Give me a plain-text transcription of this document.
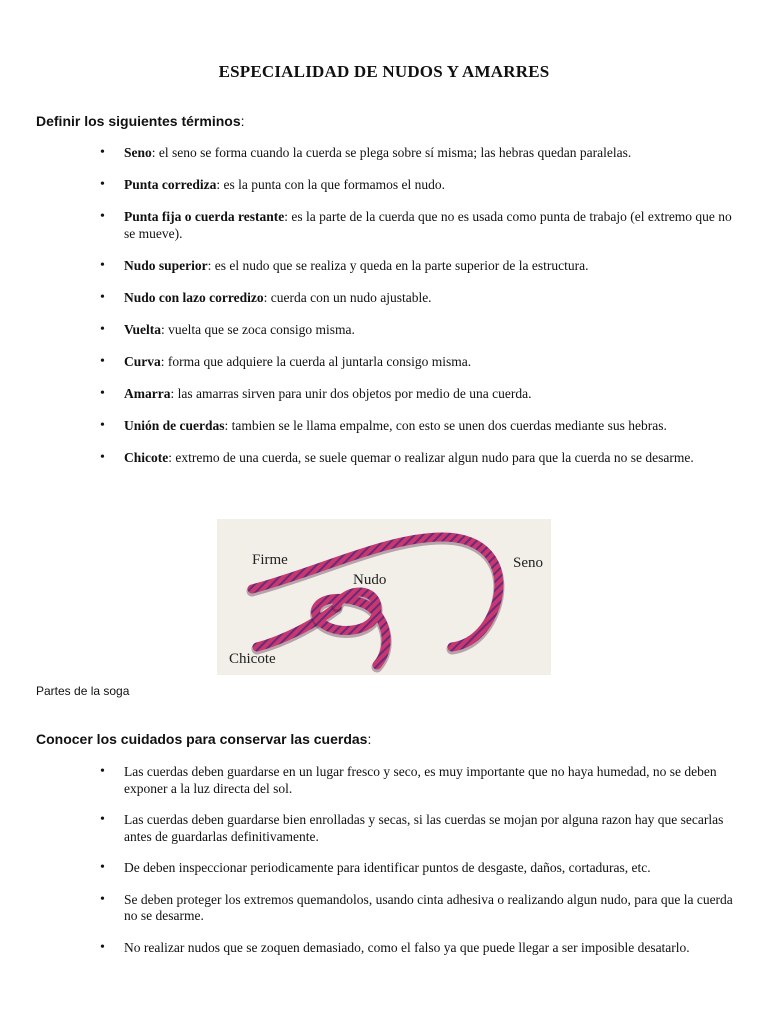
ESPECIALIDAD DE NUDOS Y AMARRES
Definir los siguientes términos:
• Seno: el seno se forma cuando la cuerda se plega sobre sí misma; las hebras quedan paralelas.
• Punta corrediza: es la punta con la que formamos el nudo.
• Punta fija o cuerda restante: es la parte de la cuerda que no es usada como punta de trabajo (el extremo que no se mueve).
• Nudo superior: es el nudo que se realiza y queda en la parte superior de la estructura.
• Nudo con lazo corredizo: cuerda con un nudo ajustable.
• Vuelta: vuelta que se zoca consigo misma.
• Curva: forma que adquiere la cuerda al juntarla consigo misma.
• Amarra: las amarras sirven para unir dos objetos por medio de una cuerda.
• Unión de cuerdas: tambien se le llama empalme, con esto se unen dos cuerdas mediante sus hebras.
• Chicote: extremo de una cuerda, se suele quemar o realizar algun nudo para que la cuerda no se desarme.
Firme
Nudo
Seno
Chicote
Partes de la soga
Conocer los cuidados para conservar las cuerdas:
• Las cuerdas deben guardarse en un lugar fresco y seco, es muy importante que no haya humedad, no se deben exponer a la luz directa del sol.
• Las cuerdas deben guardarse bien enrolladas y secas, si las cuerdas se mojan por alguna razon hay que secarlas antes de guardarlas definitivamente.
• De deben inspeccionar periodicamente para identificar puntos de desgaste, daños, cortaduras, etc.
• Se deben proteger los extremos quemandolos, usando cinta adhesiva o realizando algun nudo, para que la cuerda no se desarme.
• No realizar nudos que se zoquen demasiado, como el falso ya que puede llegar a ser imposible desatarlo.
